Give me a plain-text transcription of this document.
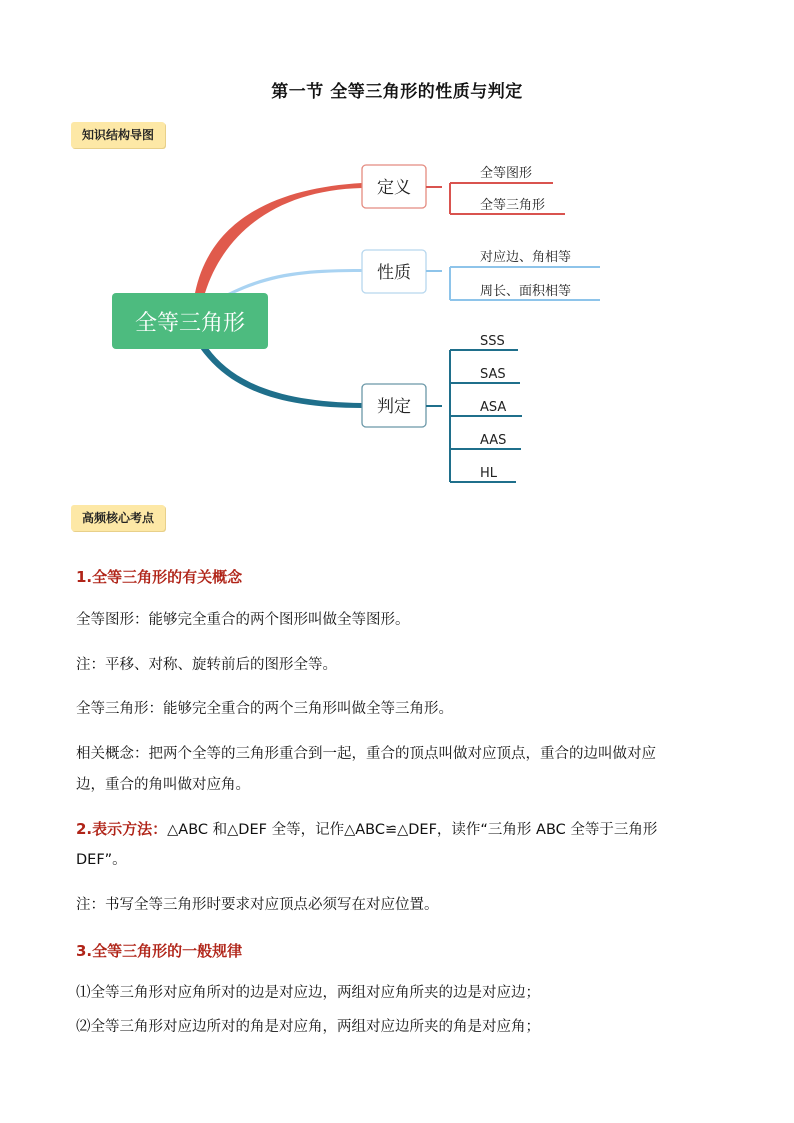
第一节 全等三角形的性质与判定
知识结构导图
全等三角形
定义
性质
判定
全等图形
全等三角形
对应边、角相等
周长、面积相等
SSS
SAS
ASA
AAS
HL
高频核心考点
1.全等三角形的有关概念
全等图形：能够完全重合的两个图形叫做全等图形。
注：平移、对称、旋转前后的图形全等。
全等三角形：能够完全重合的两个三角形叫做全等三角形。
相关概念：把两个全等的三角形重合到一起，重合的顶点叫做对应顶点，重合的边叫做对应
边，重合的角叫做对应角。
2.表示方法：△ABC 和△DEF 全等，记作△ABC≌△DEF，读作“三角形 ABC 全等于三角形
DEF”。
注：书写全等三角形时要求对应顶点必须写在对应位置。
3.全等三角形的一般规律
⑴全等三角形对应角所对的边是对应边，两组对应角所夹的边是对应边；
⑵全等三角形对应边所对的角是对应角，两组对应边所夹的角是对应角；
